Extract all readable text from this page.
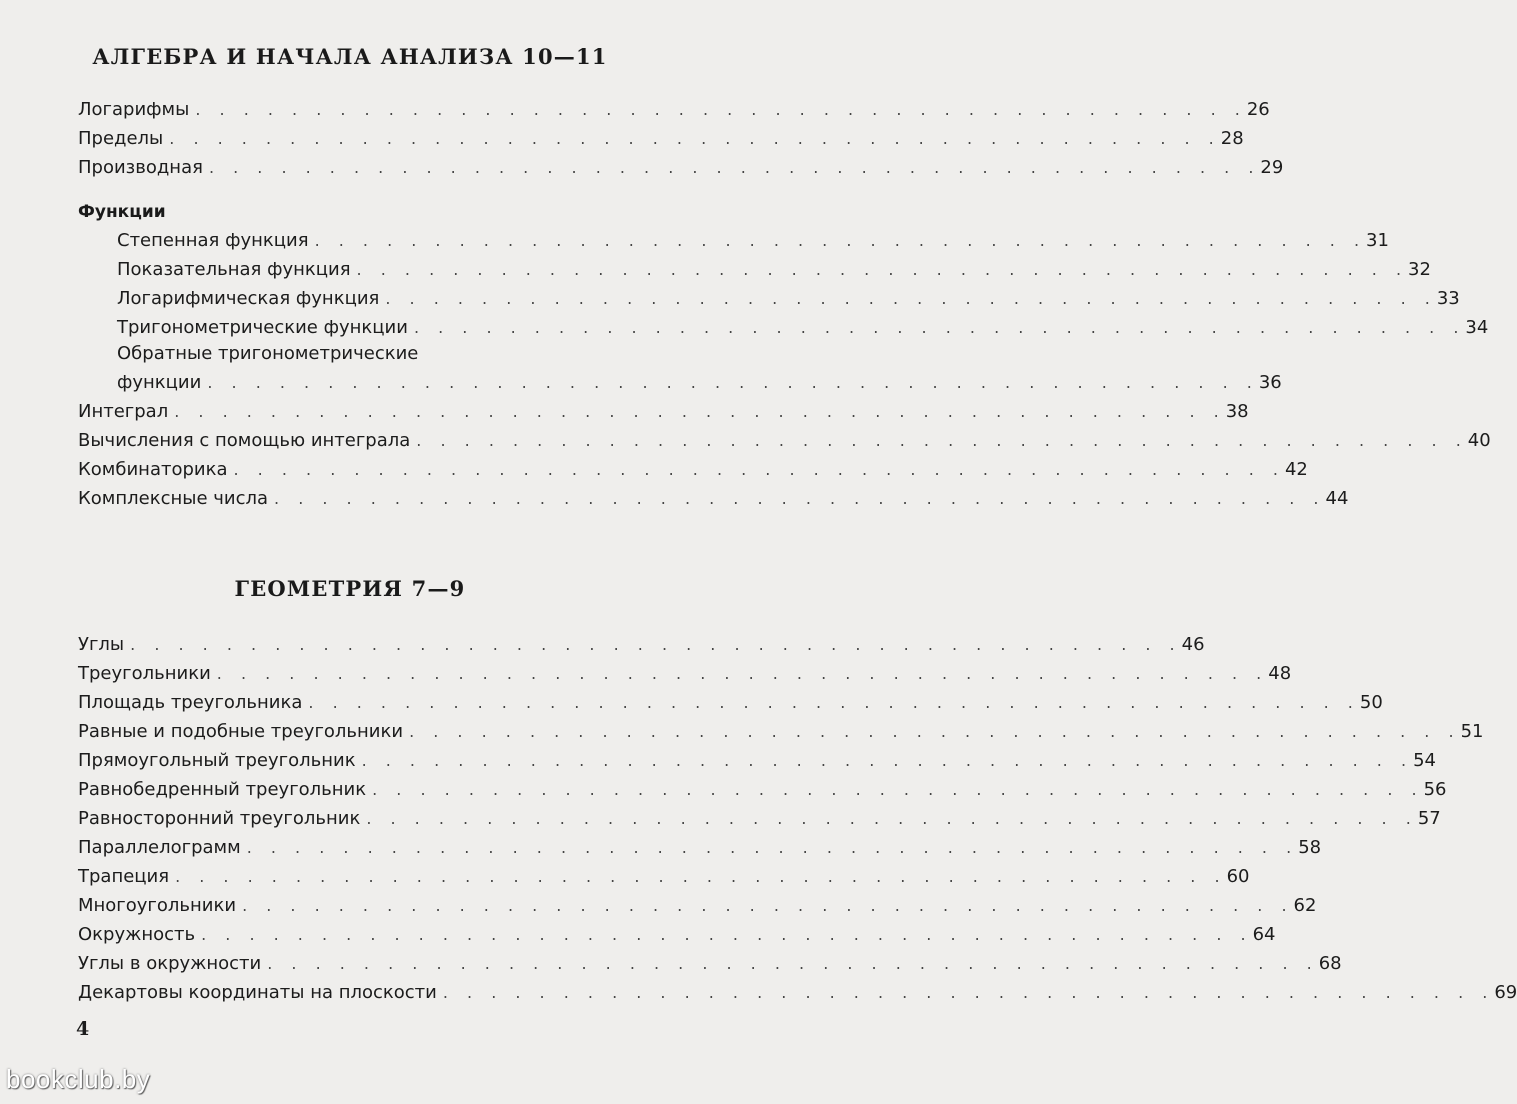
АЛГЕБРА И НАЧАЛА АНАЛИЗА 10—11
Логарифмы . . . . . . . . . . . . . . . . . . . . . . . . . . . . . . . . . . . . . . . . . . . . 26
Пределы . . . . . . . . . . . . . . . . . . . . . . . . . . . . . . . . . . . . . . . . . . . . 28
Производная . . . . . . . . . . . . . . . . . . . . . . . . . . . . . . . . . . . . . . . . . . . . 29
Функции
Степенная функция . . . . . . . . . . . . . . . . . . . . . . . . . . . . . . . . . . . . . . . . . . . . 31
Показательная функция . . . . . . . . . . . . . . . . . . . . . . . . . . . . . . . . . . . . . . . . . . . . 32
Логарифмическая функция . . . . . . . . . . . . . . . . . . . . . . . . . . . . . . . . . . . . . . . . . . . . 33
Тригонометрические функции . . . . . . . . . . . . . . . . . . . . . . . . . . . . . . . . . . . . . . . . . . . . 34
Обратные тригонометрические
функции . . . . . . . . . . . . . . . . . . . . . . . . . . . . . . . . . . . . . . . . . . . . 36
Интеграл . . . . . . . . . . . . . . . . . . . . . . . . . . . . . . . . . . . . . . . . . . . . 38
Вычисления с помощью интеграла . . . . . . . . . . . . . . . . . . . . . . . . . . . . . . . . . . . . . . . . . . . . 40
Комбинаторика . . . . . . . . . . . . . . . . . . . . . . . . . . . . . . . . . . . . . . . . . . . . 42
Комплексные числа . . . . . . . . . . . . . . . . . . . . . . . . . . . . . . . . . . . . . . . . . . . . 44
ГЕОМЕТРИЯ 7—9
Углы . . . . . . . . . . . . . . . . . . . . . . . . . . . . . . . . . . . . . . . . . . . . 46
Треугольники . . . . . . . . . . . . . . . . . . . . . . . . . . . . . . . . . . . . . . . . . . . . 48
Площадь треугольника . . . . . . . . . . . . . . . . . . . . . . . . . . . . . . . . . . . . . . . . . . . . 50
Равные и подобные треугольники . . . . . . . . . . . . . . . . . . . . . . . . . . . . . . . . . . . . . . . . . . . . 51
Прямоугольный треугольник . . . . . . . . . . . . . . . . . . . . . . . . . . . . . . . . . . . . . . . . . . . . 54
Равнобедренный треугольник . . . . . . . . . . . . . . . . . . . . . . . . . . . . . . . . . . . . . . . . . . . . 56
Равносторонний треугольник . . . . . . . . . . . . . . . . . . . . . . . . . . . . . . . . . . . . . . . . . . . . 57
Параллелограмм . . . . . . . . . . . . . . . . . . . . . . . . . . . . . . . . . . . . . . . . . . . . 58
Трапеция . . . . . . . . . . . . . . . . . . . . . . . . . . . . . . . . . . . . . . . . . . . . 60
Многоугольники . . . . . . . . . . . . . . . . . . . . . . . . . . . . . . . . . . . . . . . . . . . . 62
Окружность . . . . . . . . . . . . . . . . . . . . . . . . . . . . . . . . . . . . . . . . . . . . 64
Углы в окружности . . . . . . . . . . . . . . . . . . . . . . . . . . . . . . . . . . . . . . . . . . . . 68
Декартовы координаты на плоскости . . . . . . . . . . . . . . . . . . . . . . . . . . . . . . . . . . . . . . . . . . . . 69
4
bookclub.by
